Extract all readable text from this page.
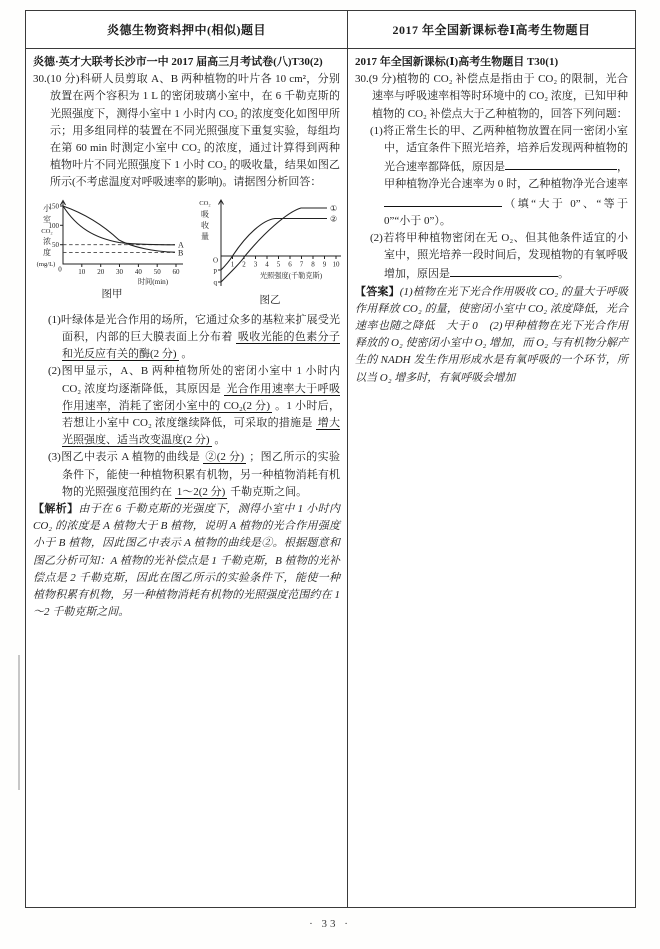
炎德生物资料押中(相似)题目	2017 年全国新课标卷Ⅰ高考生物题目

炎德·英才大联考长沙市一中 2017 届高三月考试卷(八)T30(2)

30.(10 分)科研人员剪取 A、B 两种植物的叶片各 10 cm²，分别放置在两个容积为 1 L 的密闭玻璃小室中，在 6 千勒克斯的光照强度下，测得小室中 1 小时内 CO₂ 的浓度变化如图甲所示；用多组同样的装置在不同光照强度下重复实验，每组均在第 60 min 时测定小室中 CO₂ 的浓度，通过计算得到两种植物叶片不同光照强度下 1 小时 CO₂ 的吸收量，结果如图乙所示(不考虑温度对呼吸速率的影响)。请据图分析回答：

小
室
CO₂
浓
度
(mg/L)
150
100
50	A
B
10 20 30 40 50 60
0
时间(min)
图甲
CO₂
吸
收
量
O
p
q
①
②
1 2 3 4 5 6 7 8 9 10
光照强度(千勒克斯)
图乙

(1)叶绿体是光合作用的场所，它通过众多的基粒来扩展受光面积，内部的巨大膜表面上分布着 吸收光能的色素分子和光反应有关的酶(2 分) 。

(2)图甲显示，A、B 两种植物所处的密闭小室中 1 小时内 CO₂ 浓度均逐渐降低，其原因是 光合作用速率大于呼吸作用速率，消耗了密闭小室中的 CO₂(2 分) 。1 小时后，若想让小室中 CO₂ 浓度继续降低，可采取的措施是 增大光照强度、适当改变温度(2 分) 。

(3)图乙中表示 A 植物的曲线是 ②(2 分) ；图乙所示的实验条件下，能使一种植物积累有机物，另一种植物消耗有机物的光照强度范围约在 1～2(2 分) 千勒克斯之间。

【解析】由于在 6 千勒克斯的光强度下，测得小室中 1 小时内 CO₂ 的浓度是 A 植物大于 B 植物，说明 A 植物的光合作用强度小于 B 植物，因此图乙中表示 A 植物的曲线是②。根据题意和图乙分析可知：A 植物的光补偿点是 1 千勒克斯，B 植物的光补偿点是 2 千勒克斯，因此在图乙所示的实验条件下，能使一种植物积累有机物，另一种植物消耗有机物的光照强度范围约在 1～2 千勒克斯之间。

2017 年全国新课标(Ⅰ)高考生物题目 T30(1)

30.(9 分)植物的 CO₂ 补偿点是指由于 CO₂ 的限制，光合速率与呼吸速率相等时环境中的 CO₂ 浓度，已知甲种植物的 CO₂ 补偿点大于乙种植物的，回答下列问题：

(1)将正常生长的甲、乙两种植物放置在同一密闭小室中，适宜条件下照光培养，培养后发现两种植物的光合速率都降低，原因是	，甲种植物净光合速率为 0 时，乙种植物净光合速率（填“大于 0”、“等于 0”“小于 0”）。

(2)若将甲种植物密闭在无 O₂、但其他条件适宜的小室中，照光培养一段时间后，发现植物的有氧呼吸增加，原因是	。

【答案】(1)植物在光下光合作用吸收 CO₂ 的量大于呼吸作用释放 CO₂ 的量，使密闭小室中 CO₂ 浓度降低，光合速率也随之降低　大于 0　(2)甲种植物在光下光合作用释放的 O₂ 使密闭小室中 O₂ 增加，而 O₂ 与有机物分解产生的 NADH 发生作用形成水是有氧呼吸的一个环节，所以当 O₂ 增多时，有氧呼吸会增加

· 33 ·
